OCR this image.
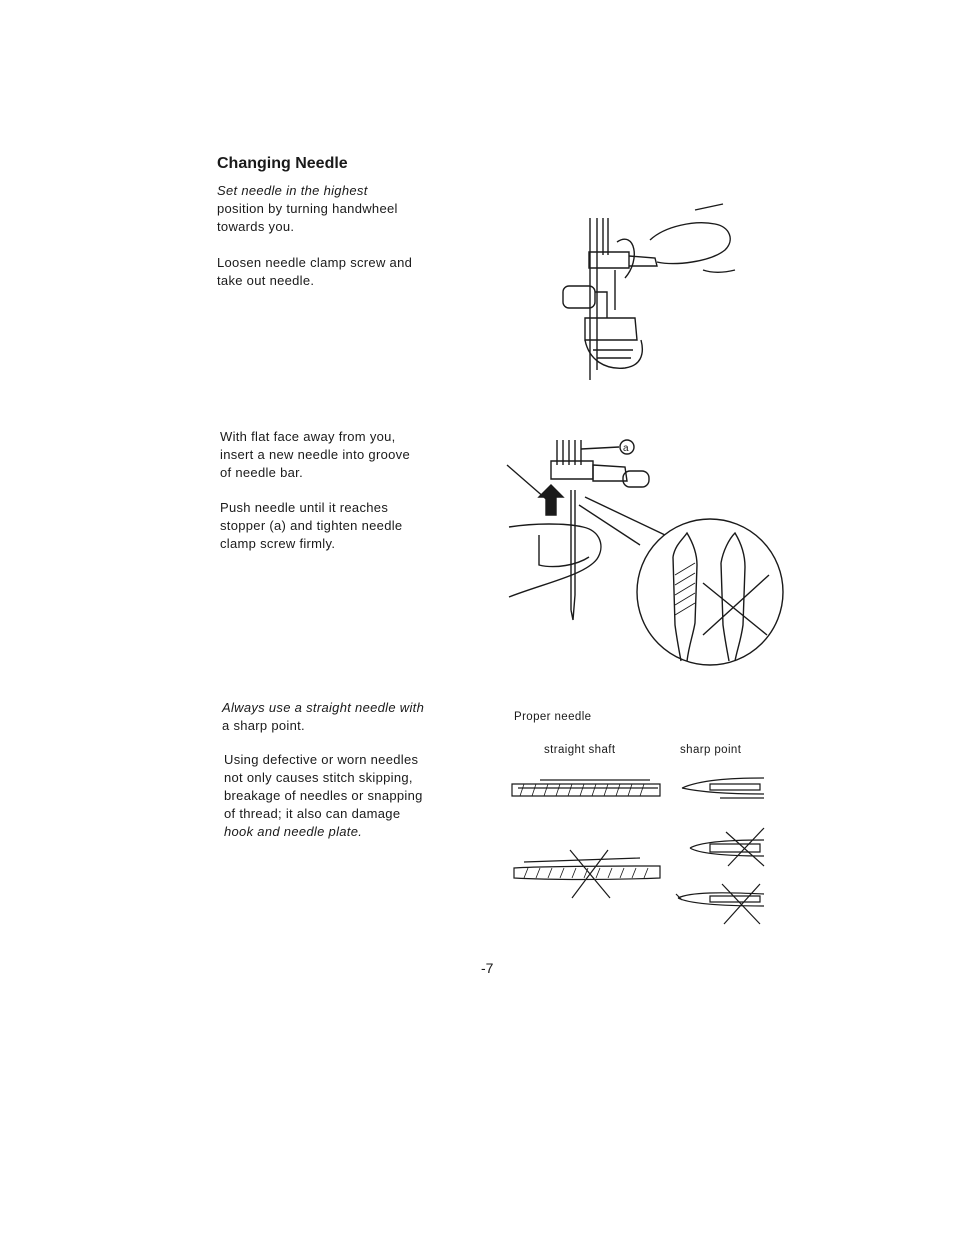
Changing Needle
Set needle in the highest
position by turning handwheel
towards you.
Loosen needle clamp screw and
take out needle.
With flat face away from you,
insert a new needle into groove
of needle bar.
Push needle until it reaches
stopper (a) and tighten needle
clamp screw firmly.
Always use a straight needle with
a sharp point.
Using defective or worn needles
not only causes stitch skipping,
breakage of needles or snapping
of thread; it also can damage
hook and needle plate.
a
Proper needle
straight shaft	sharp point
-7
